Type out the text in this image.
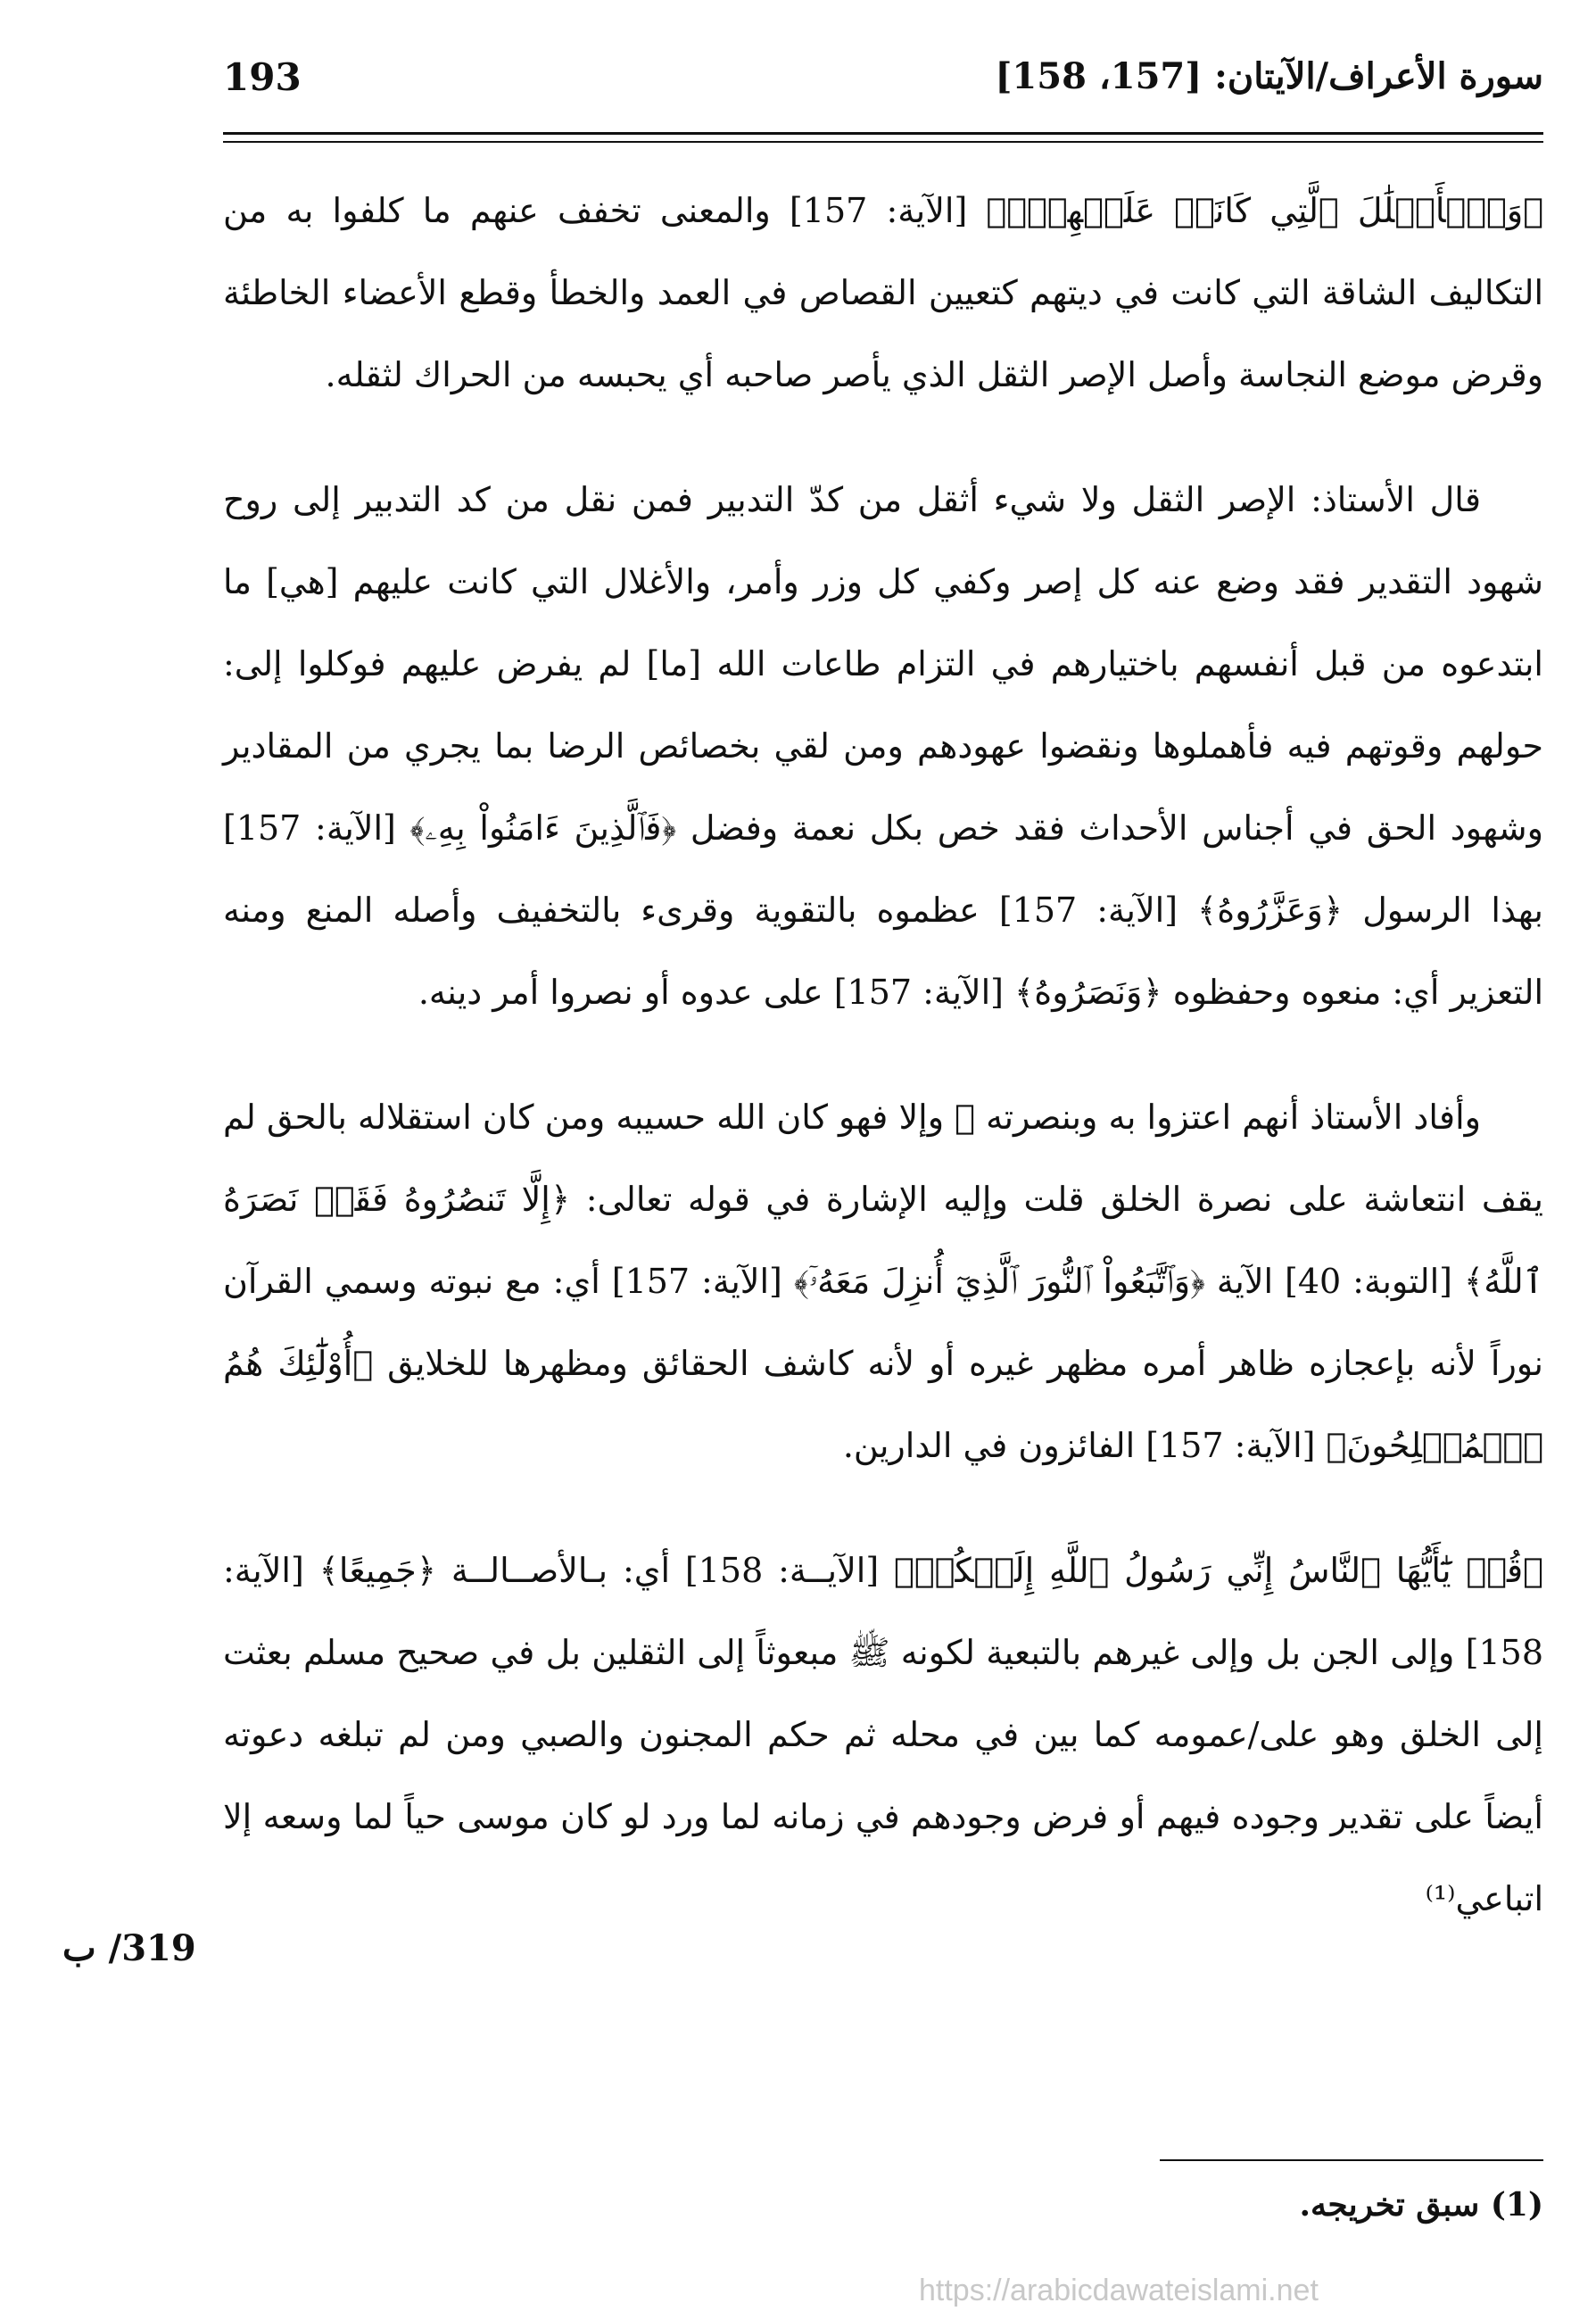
سورة الأعراف/الآيتان: [157، 158]
193

﴿وَٱلۡأَغۡلَٰلَ ٱلَّتِي كَانَتۡ عَلَيۡهِمۡۚ﴾ [الآية: 157] والمعنى تخفف عنهم ما كلفوا به من التكاليف الشاقة التي كانت في ديتهم كتعيين القصاص في العمد والخطأ وقطع الأعضاء الخاطئة وقرض موضع النجاسة وأصل الإصر الثقل الذي يأصر صاحبه أي يحبسه من الحراك لثقله.

قال الأستاذ: الإصر الثقل ولا شيء أثقل من كدّ التدبير فمن نقل من كد التدبير إلى روح شهود التقدير فقد وضع عنه كل إصر وكفي كل وزر وأمر، والأغلال التي كانت عليهم [هي] ما ابتدعوه من قبل أنفسهم باختيارهم في التزام طاعات الله [ما] لم يفرض عليهم فوكلوا إلى: حولهم وقوتهم فيه فأهملوها ونقضوا عهودهم ومن لقي بخصائص الرضا بما يجري من المقادير وشهود الحق في أجناس الأحداث فقد خص بكل نعمة وفضل ﴿فَٱلَّذِينَ ءَامَنُواْ بِهِۦ﴾ [الآية: 157] بهذا الرسول ﴿وَعَزَّرُوهُ﴾ [الآية: 157] عظموه بالتقوية وقرىء بالتخفيف وأصله المنع ومنه التعزير أي: منعوه وحفظوه ﴿وَنَصَرُوهُ﴾ [الآية: 157] على عدوه أو نصروا أمر دينه.

وأفاد الأستاذ أنهم اعتزوا به وبنصرته ﷺ وإلا فهو كان الله حسيبه ومن كان استقلاله بالحق لم يقف انتعاشة على نصرة الخلق قلت وإليه الإشارة في قوله تعالى: ﴿إِلَّا تَنصُرُوهُ فَقَدۡ نَصَرَهُ ٱللَّهُ﴾ [التوبة: 40] الآية ﴿وَٱتَّبَعُواْ ٱلنُّورَ ٱلَّذِيٓ أُنزِلَ مَعَهُۥٓ﴾ [الآية: 157] أي: مع نبوته وسمي القرآن نوراً لأنه بإعجازه ظاهر أمره مظهر غيره أو لأنه كاشف الحقائق ومظهرها للخلايق ﴿أُوْلَٰٓئِكَ هُمُ ٱلۡمُفۡلِحُونَ﴾ [الآية: 157] الفائزون في الدارين.

﴿قُلۡ يَٰٓأَيُّهَا ٱلنَّاسُ إِنِّي رَسُولُ ٱللَّهِ إِلَيۡكُمۡ﴾ [الآيــة: 158] أي: بـالأصــالــة ﴿جَمِيعًا﴾ [الآية: 158] وإلى الجن بل وإلى غيرهم بالتبعية لكونه ﷺ مبعوثاً إلى الثقلين بل في صحيح مسلم بعثت إلى الخلق وهو على/عمومه كما بين في محله ثم حكم المجنون والصبي ومن لم تبلغه دعوته أيضاً على تقدير وجوده فيهم أو فرض وجودهم في زمانه لما ورد لو كان موسى حياً لما وسعه إلا اتباعي⁽¹⁾

319/ ب
(1) سبق تخريجه.
https://arabicdawateislami.net
